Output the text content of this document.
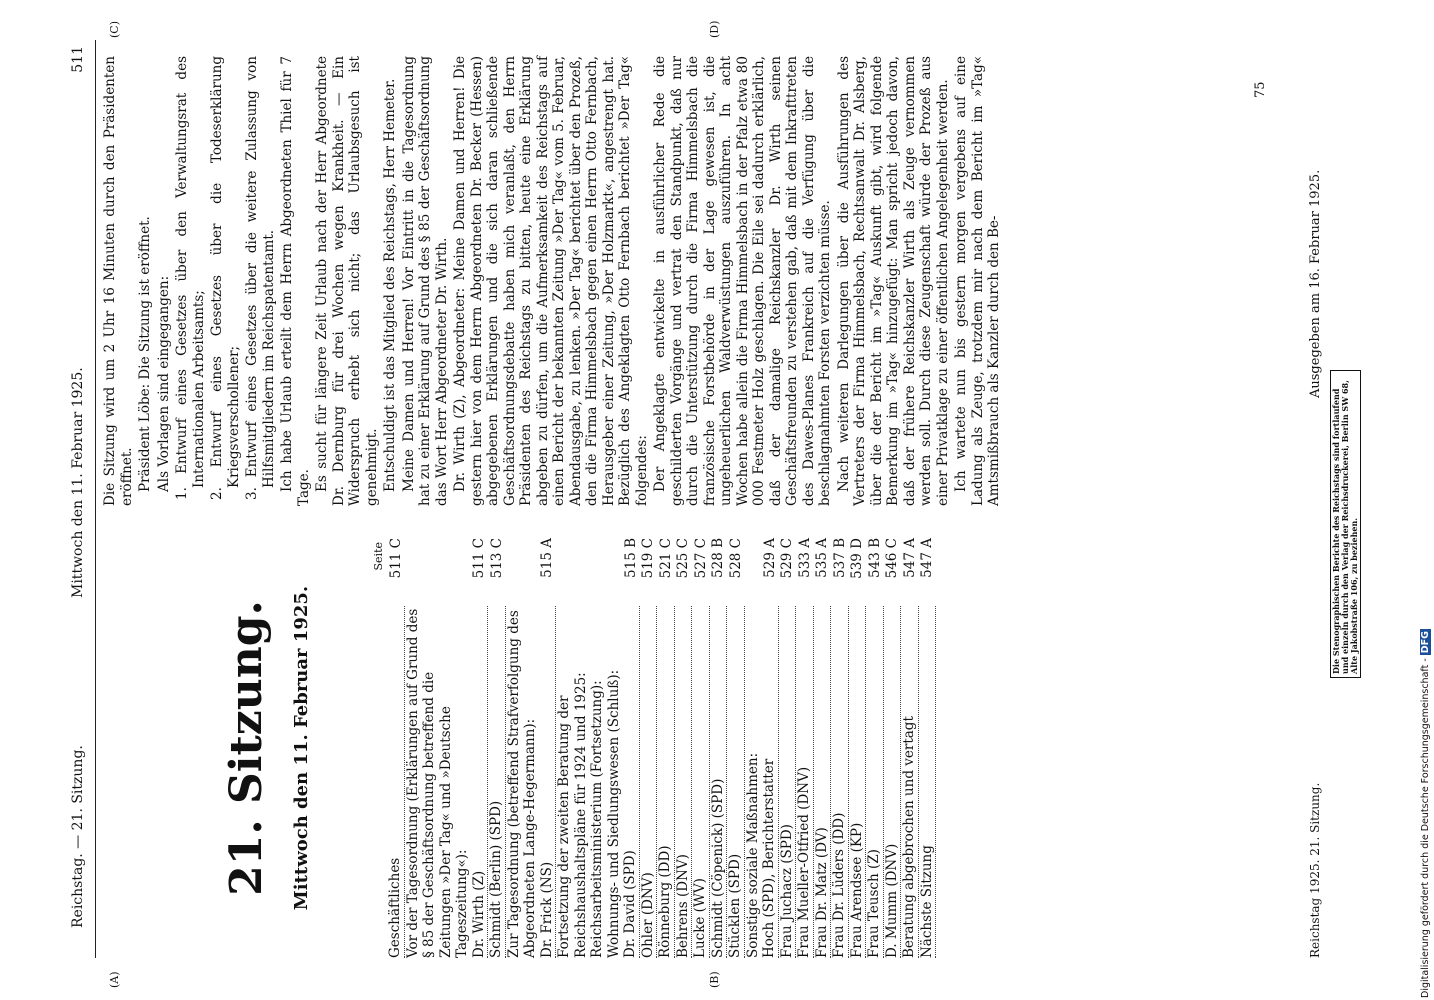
Reichstag. — 21. Sitzung.
Mittwoch den 11. Februar 1925.
511
(A)	(B)
(C)	(D)
21. Sitzung. Mittwoch den 11. Februar 1925.
Seite
Geschäftliches	511 C
Vor der Tagesordnung (Erklärungen auf Grund des § 85 der Geschäftsordnung betreffend die Zeitungen »Der Tag« und »Deutsche Tageszeitung«):	
Dr. Wirth (Z)	511 C
Schmidt (Berlin) (SPD)	513 C
Zur Tagesordnung (betreffend Strafverfolgung des Abgeordneten Lange-Hegermann):	
Dr. Frick (NS)	515 A
Fortsetzung der zweiten Beratung der Reichshaushaltspläne für 1924 und 1925:	
Reichsarbeitsministerium (Fortsetzung):	
Wohnungs- und Siedlungswesen (Schluß):	
Dr. David (SPD)	515 B
Ohler (DNV)	519 C
Rönneburg (DD)	521 C
Behrens (DNV)	525 C
Lucke (WV)	527 C
Schmidt (Cöpenick) (SPD)	528 B
Stücklen (SPD)	528 C
Sonstige soziale Maßnahmen:	
Hoch (SPD), Berichterstatter	529 A
Frau Juchacz (SPD)	529 C
Frau Mueller-Otfried (DNV)	533 A
Frau Dr. Matz (DV)	535 A
Frau Dr. Lüders (DD)	537 B
Frau Arendsee (KP)	539 D
Frau Teusch (Z)	543 B
D. Mumm (DNV)	546 C
Beratung abgebrochen und vertagt	547 A
Nächste Sitzung	547 A

Die Sitzung wird um 2 Uhr 16 Minuten durch den Präsidenten eröffnet. Präsident Löbe: Die Sitzung ist eröffnet. Als Vorlagen sind eingegangen: 1. Entwurf eines Gesetzes über den Verwaltungsrat des Internationalen Arbeitsamts; 2. Entwurf eines Gesetzes über die Todeserklärung Kriegsverschollener; 3. Entwurf eines Gesetzes über die weitere Zulassung von Hilfsmitgliedern im Reichspatentamt. Ich habe Urlaub erteilt dem Herrn Abgeordneten Thiel für 7 Tage. Es sucht für längere Zeit Urlaub nach der Herr Abgeordnete Dr. Dernburg für drei Wochen wegen Krankheit. — Ein Widerspruch erhebt sich nicht; das Urlaubsgesuch ist genehmigt. Entschuldigt ist das Mitglied des Reichstags, Herr Hemeter. Meine Damen und Herren! Vor Eintritt in die Tagesordnung hat zu einer Erklärung auf Grund des § 85 der Geschäftsordnung das Wort Herr Abgeordneter Dr. Wirth. Dr. Wirth (Z), Abgeordneter: Meine Damen und Herren! Die gestern hier von dem Herrn Abgeordneten Dr. Becker (Hessen) abgegebenen Erklärungen und die sich daran schließende Geschäftsordnungsdebatte haben mich veranlaßt, den Herrn Präsidenten des Reichstags zu bitten, heute eine Erklärung abgeben zu dürfen, um die Aufmerksamkeit des Reichstags auf einen Bericht der bekannten Zeitung »Der Tag« vom 5. Februar, Abendausgabe, zu lenken. »Der Tag« berichtet über den Prozeß, den die Firma Himmelsbach gegen einen Herrn Otto Fernbach, Herausgeber einer Zeitung, »Der Holzmarkt«, angestrengt hat. Bezüglich des Angeklagten Otto Fernbach berichtet »Der Tag« folgendes: Der Angeklagte entwickelte in ausführlicher Rede die geschilderten Vorgänge und vertrat den Standpunkt, daß nur durch die Unterstützung durch die Firma Himmelsbach die französische Forstbehörde in der Lage gewesen ist, die ungeheuerlichen Waldverwüstungen auszuführen. In acht Wochen habe allein die Firma Himmelsbach in der Pfalz etwa 80 000 Festmeter Holz geschlagen. Die Eile sei dadurch erklärlich, daß der damalige Reichskanzler Dr. Wirth seinen Geschäftsfreunden zu verstehen gab, daß mit dem Inkrafttreten des Dawes-Planes Frankreich auf die Verfügung über die beschlagnahmten Forsten verzichten müsse. Nach weiteren Darlegungen über die Ausführungen des Vertreters der Firma Himmelsbach, Rechtsanwalt Dr. Alsberg, über die der Bericht im »Tag« Auskunft gibt, wird folgende Bemerkung im »Tag« hinzugefügt: Man spricht jedoch davon, daß der frühere Reichskanzler Wirth als Zeuge vernommen werden soll. Durch diese Zeugenschaft würde der Prozeß aus einer Privatklage zu einer öffentlichen Angelegenheit werden. Ich wartete nun bis gestern morgen vergebens auf eine Ladung als Zeuge, trotzdem mir nach dem Bericht im »Tag« Amtsmißbrauch als Kanzler durch den Be-

75
Reichstag 1925. 21. Sitzung.
Ausgegeben am 16. Februar 1925.
Die Stenographischen Berichte des Reichstags sind fortlaufend und einzeln durch den Verlag der Reichsdruckerei, Berlin SW 68, Alte Jakobstraße 106, zu beziehen.
Digitalisierung gefördert durch die Deutsche Forschungsgemeinschaft -DFG
